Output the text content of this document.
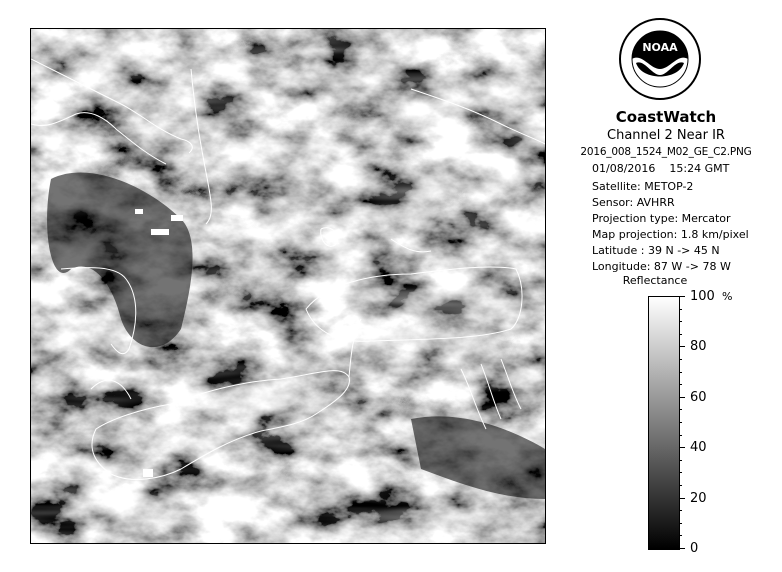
NOAA
CoastWatch
Channel 2 Near IR
2016_008_1524_M02_GE_C2.PNG
01/08/2016 15:24 GMT
Satellite: METOP-2
Sensor: AVHRR
Projection type: Mercator
Map projection: 1.8 km/pixel
Latitude : 39 N -> 45 N
Longitude: 87 W -> 78 W
Reflectance
%
100
80
60
40
20
0
